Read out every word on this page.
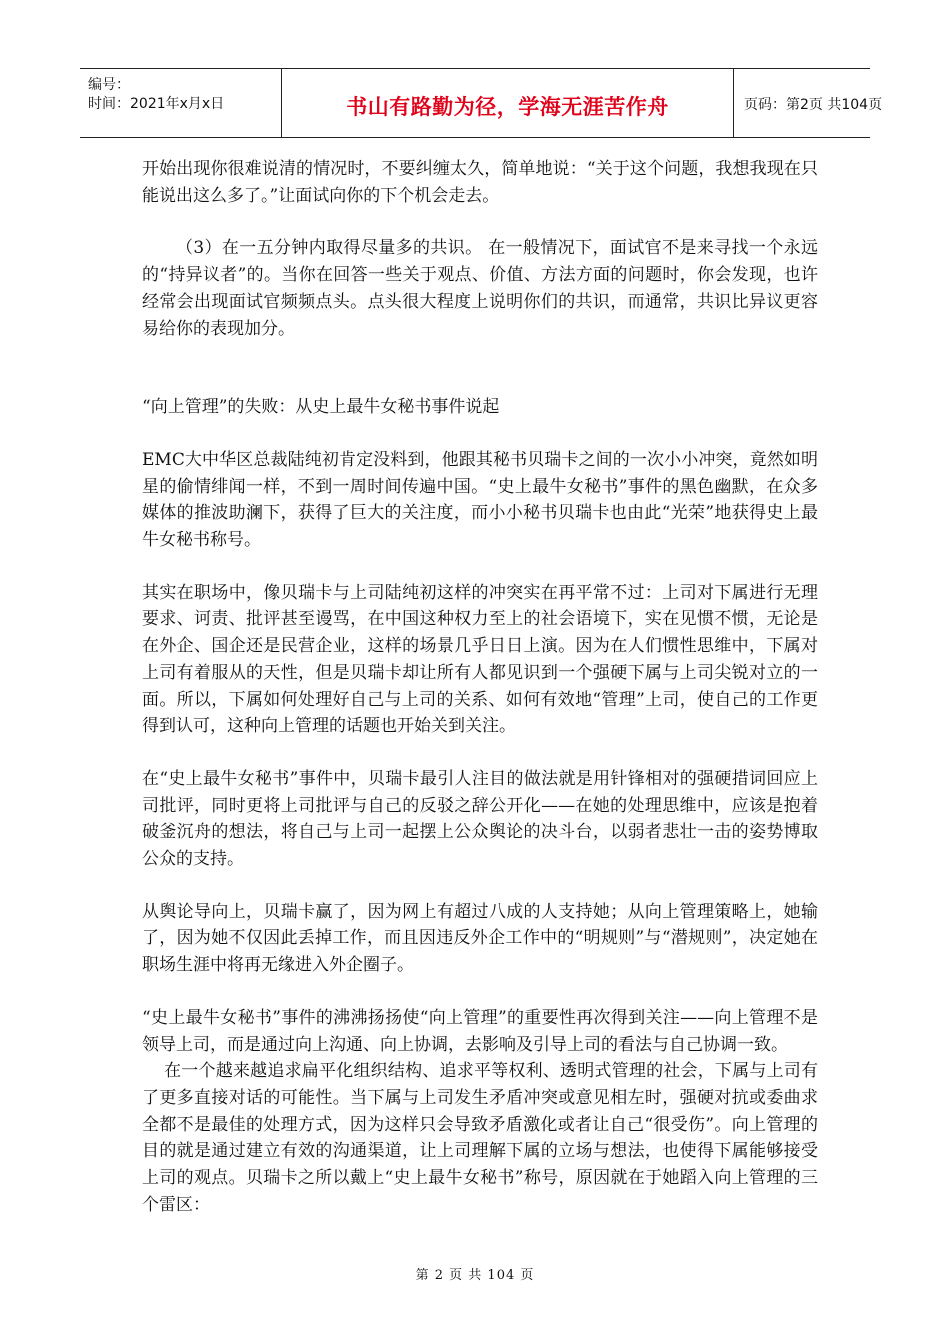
编号：
时间：2021年x月x日	书山有路勤为径，学海无涯苦作舟	页码：第2页 共104页

开始出现你很难说清的情况时，不要纠缠太久，简单地说：“关于这个问题，我想我现在只能说出这么多了。”让面试向你的下个机会走去。

（3）在一五分钟内取得尽量多的共识。 在一般情况下，面试官不是来寻找一个永远的“持异议者”的。当你在回答一些关于观点、价值、方法方面的问题时，你会发现，也许经常会出现面试官频频点头。点头很大程度上说明你们的共识，而通常，共识比异议更容易给你的表现加分。

“向上管理”的失败：从史上最牛女秘书事件说起

EMC大中华区总裁陆纯初肯定没料到，他跟其秘书贝瑞卡之间的一次小小冲突，竟然如明星的偷情绯闻一样，不到一周时间传遍中国。“史上最牛女秘书”事件的黑色幽默，在众多媒体的推波助澜下，获得了巨大的关注度，而小小秘书贝瑞卡也由此“光荣”地获得史上最牛女秘书称号。

其实在职场中，像贝瑞卡与上司陆纯初这样的冲突实在再平常不过：上司对下属进行无理要求、诃责、批评甚至谩骂，在中国这种权力至上的社会语境下，实在见惯不惯，无论是在外企、国企还是民营企业，这样的场景几乎日日上演。因为在人们惯性思维中，下属对上司有着服从的天性，但是贝瑞卡却让所有人都见识到一个强硬下属与上司尖锐对立的一面。所以，下属如何处理好自己与上司的关系、如何有效地“管理”上司，使自己的工作更得到认可，这种向上管理的话题也开始关到关注。

在“史上最牛女秘书”事件中，贝瑞卡最引人注目的做法就是用针锋相对的强硬措词回应上司批评，同时更将上司批评与自己的反驳之辞公开化——在她的处理思维中，应该是抱着破釜沉舟的想法，将自己与上司一起摆上公众舆论的决斗台，以弱者悲壮一击的姿势博取公众的支持。

从舆论导向上，贝瑞卡赢了，因为网上有超过八成的人支持她；从向上管理策略上，她输了，因为她不仅因此丢掉工作，而且因违反外企工作中的“明规则”与“潜规则”，决定她在职场生涯中将再无缘进入外企圈子。

“史上最牛女秘书”事件的沸沸扬扬使“向上管理”的重要性再次得到关注——向上管理不是领导上司，而是通过向上沟通、向上协调，去影响及引导上司的看法与自己协调一致。

在一个越来越追求扁平化组织结构、追求平等权利、透明式管理的社会，下属与上司有了更多直接对话的可能性。当下属与上司发生矛盾冲突或意见相左时，强硬对抗或委曲求全都不是最佳的处理方式，因为这样只会导致矛盾激化或者让自己“很受伤”。向上管理的目的就是通过建立有效的沟通渠道，让上司理解下属的立场与想法，也使得下属能够接受上司的观点。贝瑞卡之所以戴上“史上最牛女秘书”称号，原因就在于她蹈入向上管理的三个雷区：

第 2 页 共 104 页
